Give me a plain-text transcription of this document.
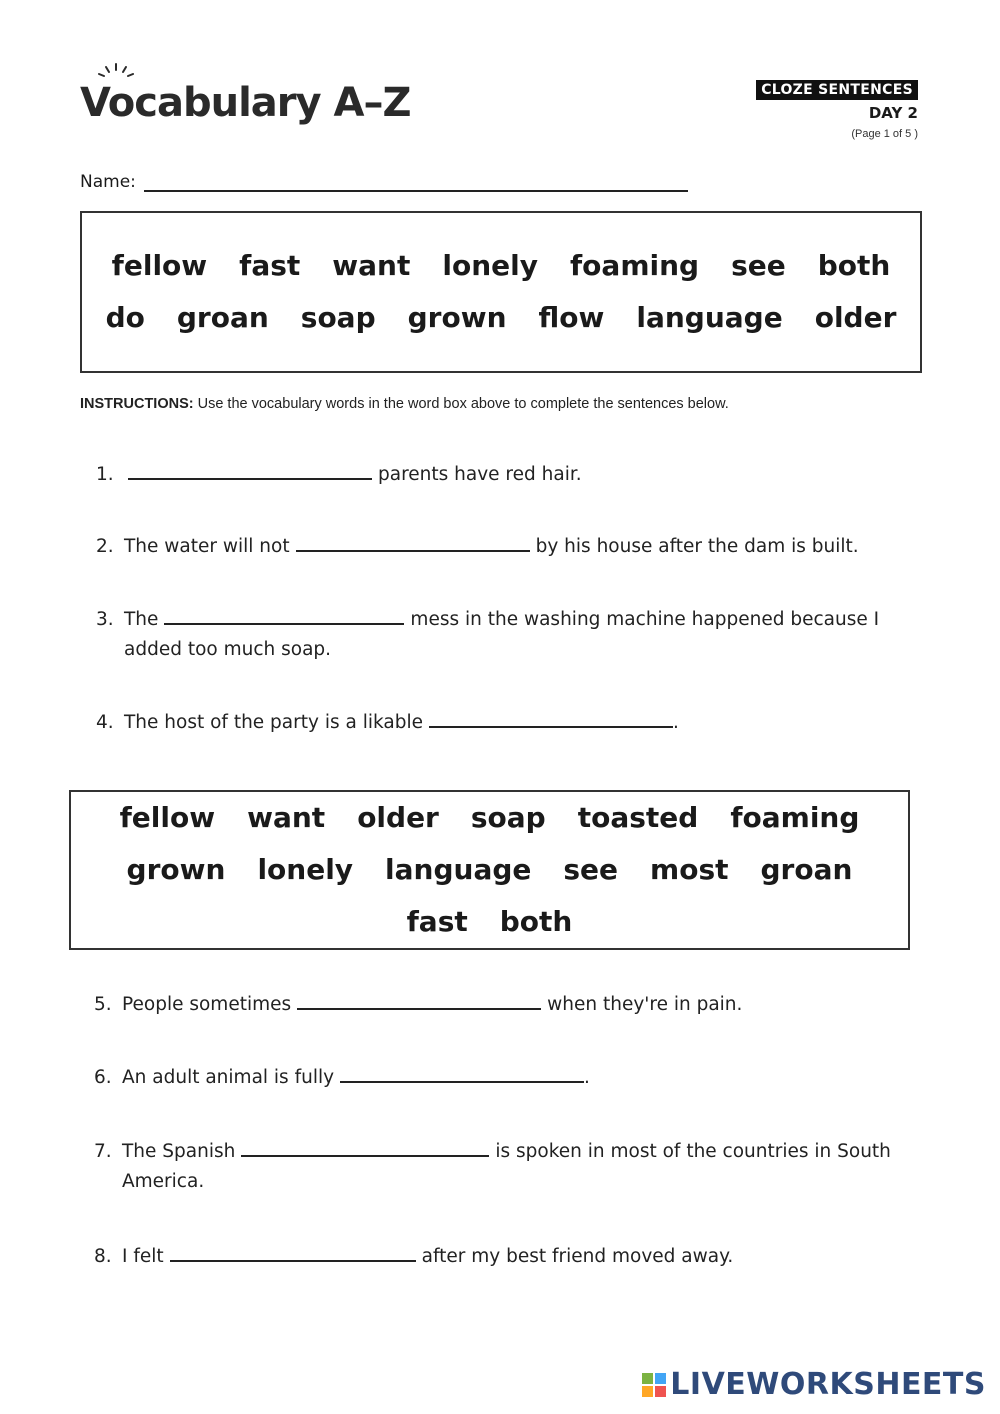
Vocabulary A–Z	CLOZE SENTENCES
DAY 2
(Page 1 of 5 )
Name:
fellow	fast	want	lonely	foaming	see	both
do	groan	soap	grown	flow	language	older
INSTRUCTIONS: Use the vocabulary words in the word box above to complete the sentences below.
1.	parents have red hair.
2. The water will not	by his house after the dam is built.
3. The	mess in the washing machine happened because I added too much soap.
4. The host of the party is a likable	.
fellow	want	older	soap	toasted	foaming
grown	lonely	language	see	most	groan
fast	both
5. People sometimes	when they're in pain.
6. An adult animal is fully	.
7. The Spanish	is spoken in most of the countries in South America.
8. I felt	after my best friend moved away.
LIVEWORKSHEETS
